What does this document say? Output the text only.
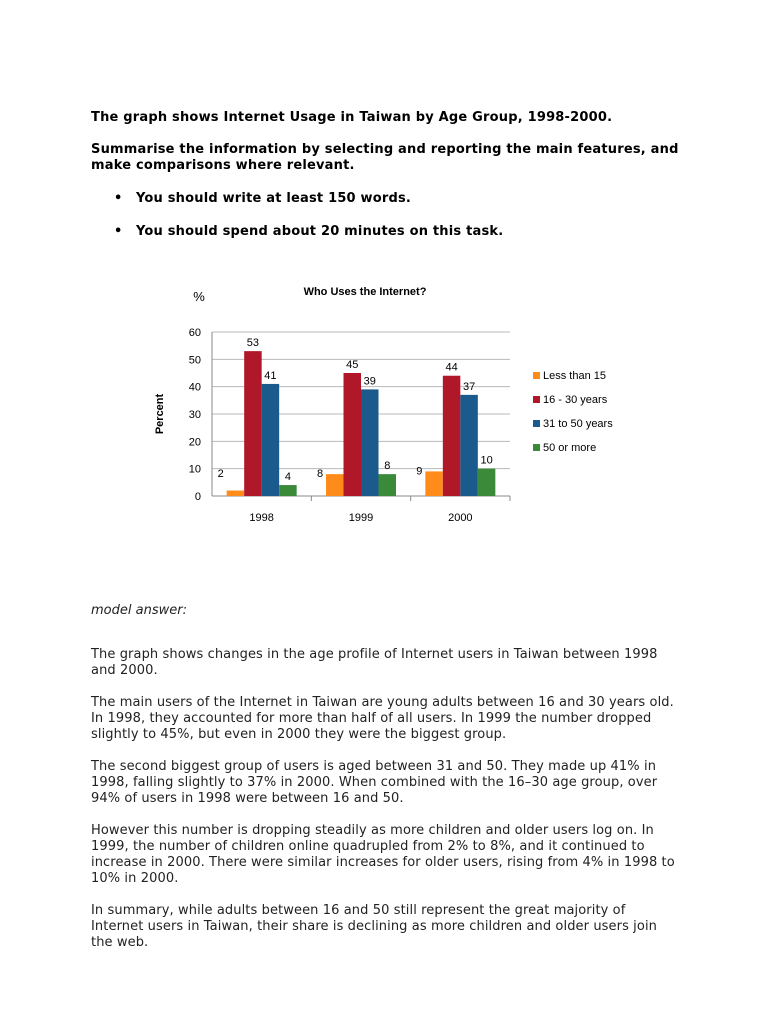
The graph shows Internet Usage in Taiwan by Age Group, 1998-2000.

Summarise the information by selecting and reporting the main features, and make comparisons where relevant.

• You should write at least 150 words.
• You should spend about 20 minutes on this task.
Who Uses the Internet?
%
0
10
20
30
40
50
60
Percent
1998
2
53
41
4
1999
8
45
39
8
2000
9
44
37
10
Less than 15
16 - 30 years
31 to 50 years
50 or more
model answer:

The graph shows changes in the age profile of Internet users in Taiwan between 1998 and 2000.

The main users of the Internet in Taiwan are young adults between 16 and 30 years old. In 1998, they accounted for more than half of all users. In 1999 the number dropped slightly to 45%, but even in 2000 they were the biggest group.

The second biggest group of users is aged between 31 and 50. They made up 41% in 1998, falling slightly to 37% in 2000. When combined with the 16–30 age group, over 94% of users in 1998 were between 16 and 50.

However this number is dropping steadily as more children and older users log on. In 1999, the number of children online quadrupled from 2% to 8%, and it continued to increase in 2000. There were similar increases for older users, rising from 4% in 1998 to 10% in 2000.

In summary, while adults between 16 and 50 still represent the great majority of Internet users in Taiwan, their share is declining as more children and older users join the web.
